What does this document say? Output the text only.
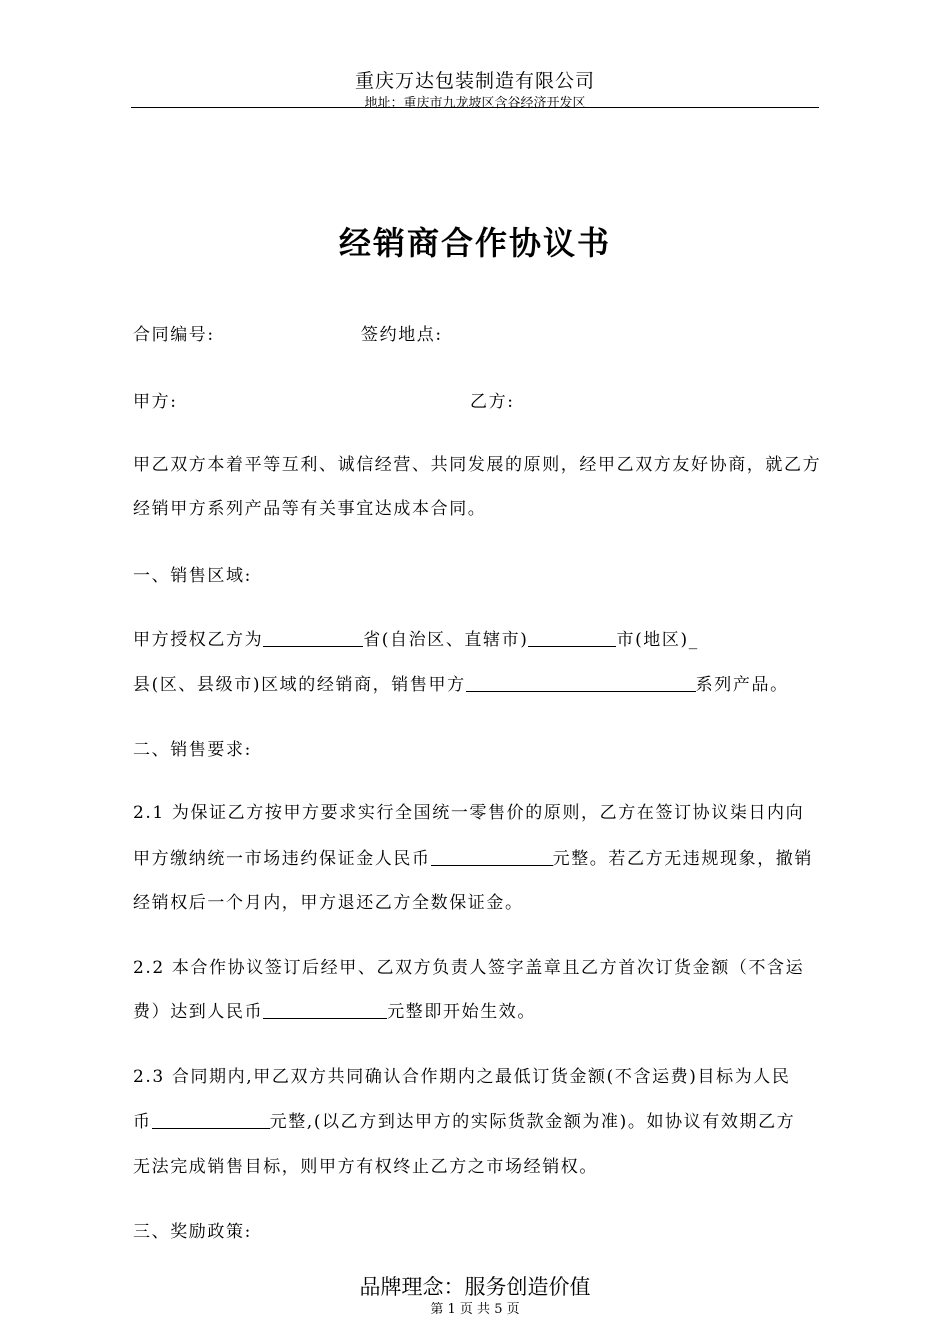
重庆万达包装制造有限公司
地址：重庆市九龙坡区含谷经济开发区
经销商合作协议书
合同编号:	签约地点:
甲方:	乙方:
甲乙双方本着平等互利、诚信经营、共同发展的原则，经甲乙双方友好协商，就乙方
经销甲方系列产品等有关事宜达成本合同。
一、销售区域:
甲方授权乙方为	省(自治区、直辖市)	市(地区)_
县(区、县级市)区域的经销商，销售甲方	系列产品。
二、销售要求:
2.1 为保证乙方按甲方要求实行全国统一零售价的原则，乙方在签订协议柒日内向
甲方缴纳统一市场违约保证金人民币	元整。若乙方无违规现象，撤销
经销权后一个月内，甲方退还乙方全数保证金。
2.2 本合作协议签订后经甲、乙双方负责人签字盖章且乙方首次订货金额（不含运
费）达到人民币	元整即开始生效。
2.3 合同期内,甲乙双方共同确认合作期内之最低订货金额(不含运费)目标为人民
币	元整,(以乙方到达甲方的实际货款金额为准)。如协议有效期乙方
无法完成销售目标，则甲方有权终止乙方之市场经销权。
三、奖励政策:
品牌理念：服务创造价值
第 1 页 共 5 页
